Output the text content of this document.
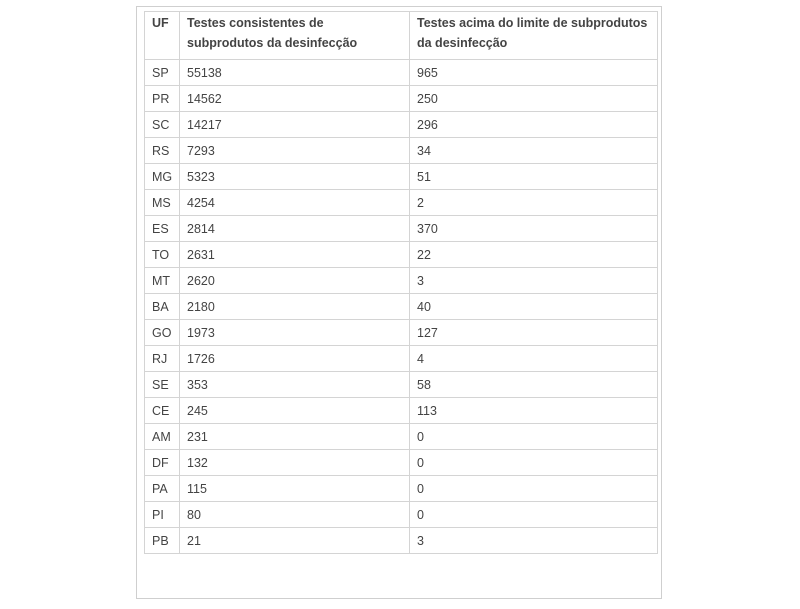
UF	Testes consistentes de subprodutos da desinfecção	Testes acima do limite de subprodutos da desinfecção
SP	55138	965
PR	14562	250
SC	14217	296
RS	7293	34
MG	5323	51
MS	4254	2
ES	2814	370
TO	2631	22
MT	2620	3
BA	2180	40
GO	1973	127
RJ	1726	4
SE	353	58
CE	245	113
AM	231	0
DF	132	0
PA	115	0
PI	80	0
PB	21	3
